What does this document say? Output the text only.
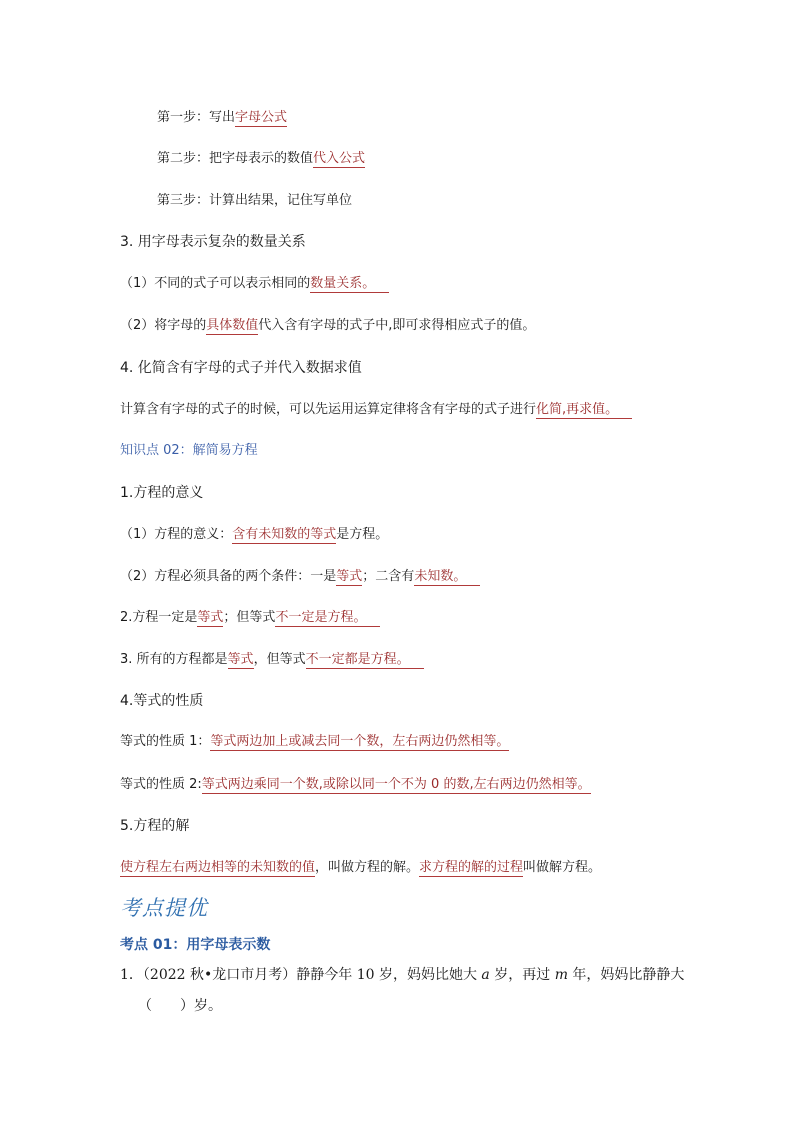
第一步：写出字母公式
第二步：把字母表示的数值代入公式
第三步：计算出结果，记住写单位
3. 用字母表示复杂的数量关系
（1）不同的式子可以表示相同的数量关系。
（2）将字母的具体数值代入含有字母的式子中,即可求得相应式子的值。
4. 化简含有字母的式子并代入数据求值
计算含有字母的式子的时候，可以先运用运算定律将含有字母的式子进行化简,再求值。
知识点 02：解简易方程
1.方程的意义
（1）方程的意义：含有未知数的等式是方程。
（2）方程必须具备的两个条件：一是等式；二含有未知数。
2.方程一定是等式；但等式不一定是方程。
3. 所有的方程都是等式，但等式不一定都是方程。
4.等式的性质
等式的性质 1：等式两边加上或减去同一个数，左右两边仍然相等。
等式的性质 2:等式两边乘同一个数,或除以同一个不为 0 的数,左右两边仍然相等。
5.方程的解
使方程左右两边相等的未知数的值，叫做方程的解。求方程的解的过程叫做解方程。
考点提优
考点 01：用字母表示数
1．（2022 秋•龙口市月考）静静今年 10 岁，妈妈比她大 a 岁，再过 m 年，妈妈比静静大
（　　）岁。
